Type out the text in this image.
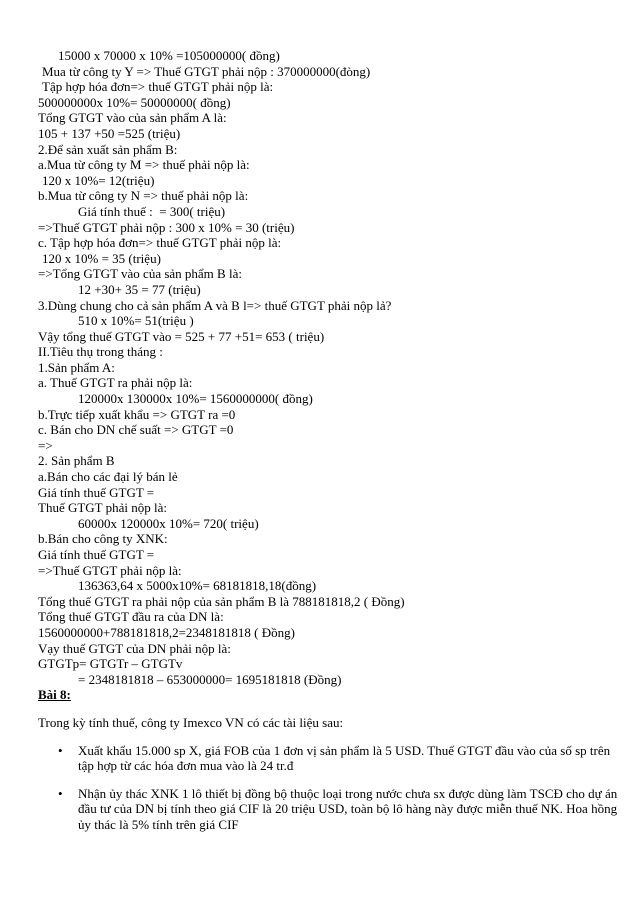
15000 x 70000 x 10% =105000000( đồng)
Mua từ công ty Y => Thuế GTGT phải nộp : 370000000(đòng)
Tập hợp hóa đơn=> thuế GTGT phải nộp là:
500000000x 10%= 50000000( đồng)
Tổng GTGT vào của sản phẩm A là:
105 + 137 +50 =525 (triệu)
2.Để sản xuất sản phẩm B:
a.Mua từ công ty M => thuế phải nộp là:
120 x 10%= 12(triệu)
b.Mua từ công ty N => thuế phải nộp là:
Giá tính thuế :  = 300( triệu)
=>Thuế GTGT phải nộp : 300 x 10% = 30 (triệu)
c. Tập hợp hóa đơn=> thuế GTGT phải nộp là:
120 x 10% = 35 (triệu)
=>Tổng GTGT vào của sản phẩm B là:
12 +30+ 35 = 77 (triệu)
3.Dùng chung cho cả sản phẩm A và B l=> thuế GTGT phải nộp lả?
510 x 10%= 51(triệu )
Vậy tổng thuế GTGT vào = 525 + 77 +51= 653 ( triệu)
II.Tiêu thụ trong tháng :
1.Sản phẩm A:
a. Thuế GTGT ra phải nộp là:
120000x 130000x 10%= 1560000000( đồng)
b.Trực tiếp xuất khẩu => GTGT ra =0
c. Bán cho DN chế suất => GTGT =0
=>
2. Sản phẩm B
a.Bán cho các đại lý bán lẻ
Giá tính thuế GTGT =
Thuế GTGT phải nộp là:
60000x 120000x 10%= 720( triệu)
b.Bán cho công ty XNK:
Giá tính thuế GTGT =
=>Thuế GTGT phải nộp là:
136363,64 x 5000x10%= 68181818,18(đồng)
Tổng thuế GTGT ra phải nộp của sản phẩm B là 788181818,2 ( Đồng)
Tổng thuế GTGT đầu ra của DN là:
1560000000+788181818,2=2348181818 ( Đồng)
Vạy thuế GTGT của DN phải nộp là:
GTGTp= GTGTr – GTGTv
= 2348181818 – 653000000= 1695181818 (Đồng)
Bài 8:
Trong kỳ tính thuế, công ty Imexco VN có các tài liệu sau:
• Xuất khẩu 15.000 sp X, giá FOB của 1 đơn vị sản phẩm là 5 USD. Thuế GTGT đầu vào của số sp trên tập hợp từ các hóa đơn mua vào là 24 tr.đ
• Nhận ủy thác XNK 1 lô thiết bị đồng bộ thuộc loại trong nước chưa sx được dùng làm TSCĐ cho dự án đầu tư của DN bị tính theo giá CIF là 20 triệu USD, toàn bộ lô hàng này được miễn thuế NK. Hoa hồng ủy thác là 5% tính trên giá CIF
